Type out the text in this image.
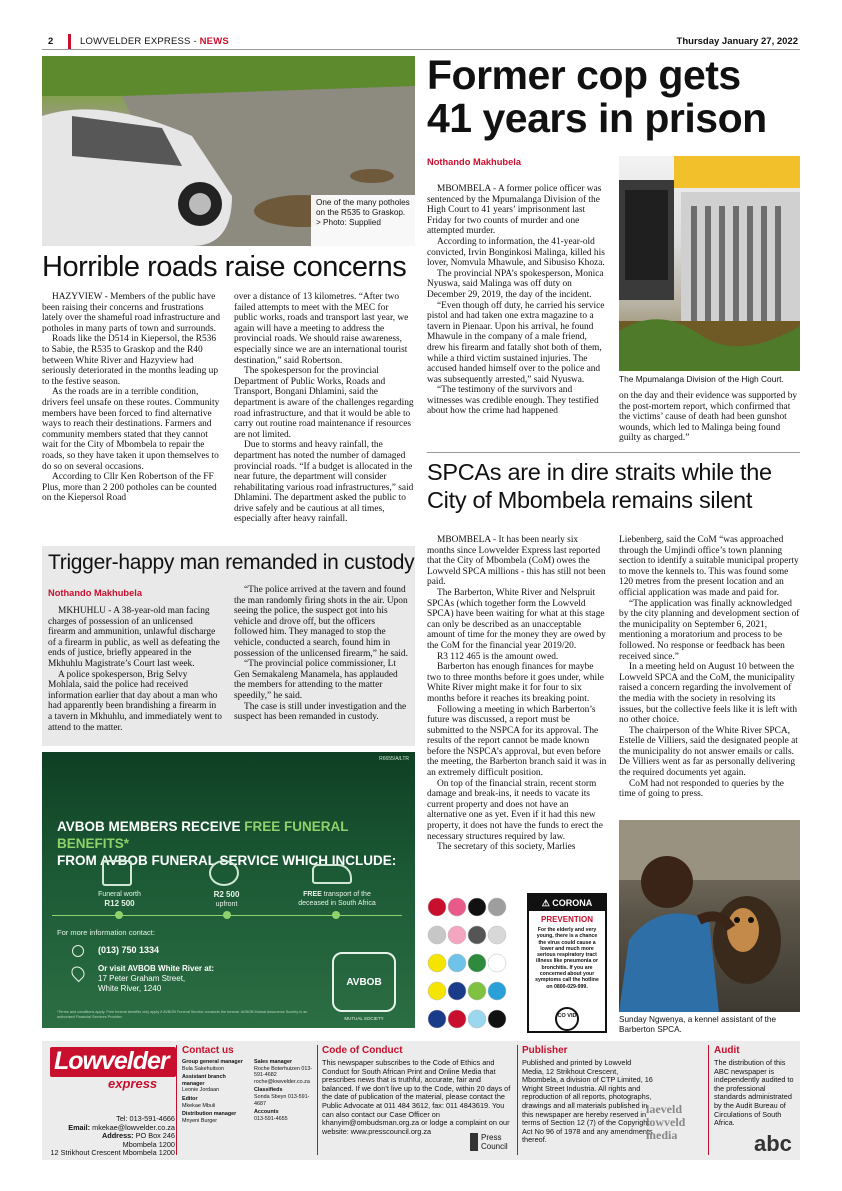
2	LOWVELDER EXPRESS - NEWS	Thursday January 27, 2022
One of the many potholes on the R535 to Graskop. > Photo: Supplied
Horrible roads raise concerns

HAZYVIEW - Members of the public have been raising their concerns and frustrations lately over the shameful road infrastructure and potholes in many parts of town and surrounds.

Roads like the D514 in Kiepersol, the R536 to Sabie, the R535 to Graskop and the R40 between White River and Hazyview had seriously deteriorated in the months leading up to the festive season.

As the roads are in a terrible condition, drivers feel unsafe on these routes. Community members have been forced to find alternative ways to reach their destinations. Farmers and community members stated that they cannot wait for the City of Mbombela to repair the roads, so they have taken it upon themselves to do so on several occasions.

According to Cllr Ken Robertson of the FF Plus, more than 2 200 potholes can be counted on the Kiepersol Road

over a distance of 13 kilometres. “After two failed attempts to meet with the MEC for public works, roads and transport last year, we again will have a meeting to address the provincial roads. We should raise awareness, especially since we are an international tourist destination,” said Robertson.

The spokesperson for the provincial Department of Public Works, Roads and Transport, Bongani Dhlamini, said the department is aware of the challenges regarding road infrastructure, and that it would be able to carry out routine road maintenance if resources are not limited.

Due to storms and heavy rainfall, the department has noted the number of damaged provincial roads. “If a budget is allocated in the near future, the department will consider rehabilitating various road infrastructures,” said Dhlamini. The department asked the public to drive safely and be cautious at all times, especially after heavy rainfall.

Former cop gets
41 years in prison
Nothando Makhubela

MBOMBELA - A former police officer was sentenced by the Mpumalanga Division of the High Court to 41 years’ imprisonment last Friday for two counts of murder and one attempted murder.

According to information, the 41-year-old convicted, Irvin Bonginkosi Malinga, killed his lover, Nomvula Mhawule, and Sibusiso Khoza.

The provincial NPA’s spokesperson, Monica Nyuswa, said Malinga was off duty on December 29, 2019, the day of the incident.

“Even though off duty, he carried his service pistol and had taken one extra magazine to a tavern in Pienaar. Upon his arrival, he found Mhawule in the company of a male friend, drew his firearm and fatally shot both of them, while a third victim sustained injuries. The accused handed himself over to the police and was subsequently arrested,” said Nyuswa.

“The testimony of the survivors and witnesses was credible enough. They testified about how the crime had happened

The Mpumalanga Division of the High Court.

on the day and their evidence was supported by the post-mortem report, which confirmed that the victims’ cause of death had been gunshot wounds, which led to Malinga being found guilty as charged.”

SPCAs are in dire straits while the
City of Mbombela remains silent

MBOMBELA - It has been nearly six months since Lowvelder Express last reported that the City of Mbombela (CoM) owes the Lowveld SPCA millions - this has still not been paid.

The Barberton, White River and Nelspruit SPCAs (which together form the Lowveld SPCA) have been waiting for what at this stage can only be described as an unacceptable amount of time for the money they are owed by the CoM for the financial year 2019/20.

R3 112 465 is the amount owed.

Barberton has enough finances for maybe two to three months before it goes under, while White River might make it for four to six months before it reaches its breaking point.

Following a meeting in which Barberton’s future was discussed, a report must be submitted to the NSPCA for its approval. The results of the report cannot be made known before the NSPCA’s approval, but even before the meeting, the Barberton branch said it was in an extremely difficult position.

On top of the financial strain, recent storm damage and break-ins, it needs to vacate its current property and does not have an alternative one as yet. Even if it had this new property, it does not have the funds to erect the necessary structures required by law.

The secretary of this society, Marlies

Liebenberg, said the CoM “was approached through the Umjindi office’s town planning section to identify a suitable municipal property to move the kennels to. This was found some 120 metres from the present location and an official application was made and paid for.

“The application was finally acknowledged by the city planning and development section of the municipality on September 6, 2021, mentioning a moratorium and process to be followed. No response or feedback has been received since.”

In a meeting held on August 10 between the Lowveld SPCA and the CoM, the municipality raised a concern regarding the involvement of the media with the society in resolving its issues, but the collective feels like it is left with no other choice.

The chairperson of the White River SPCA, Estelle de Villiers, said the designated people at the municipality do not answer emails or calls. De Villiers went as far as personally delivering the required documents yet again.

CoM had not responded to queries by the time of going to press.

Sunday Ngwenya, a kennel assistant of the Barberton SPCA.
Trigger-happy man remanded in custody
Nothando Makhubela

MKHUHLU - A 38-year-old man facing charges of possession of an unlicensed firearm and ammunition, unlawful discharge of a firearm in public, as well as defeating the ends of justice, briefly appeared in the Mkhuhlu Magistrate’s Court last week.

A police spokesperson, Brig Selvy Mohlala, said the police had received information earlier that day about a man who had apparently been brandishing a firearm in a tavern in Mkhuhlu, and immediately went to attend to the matter.

“The police arrived at the tavern and found the man randomly firing shots in the air. Upon seeing the police, the suspect got into his vehicle and drove off, but the officers followed him. They managed to stop the vehicle, conducted a search, found him in possession of the unlicensed firearm,” he said.

“The provincial police commissioner, Lt Gen Semakaleng Manamela, has applauded the members for attending to the matter speedily,” he said.

The case is still under investigation and the suspect has been remanded in custody.

R6655/A/LTR
AVBOB MEMBERS RECEIVE FREE FUNERAL BENEFITS*
FROM AVBOB FUNERAL SERVICE WHICH INCLUDE:
Funeral worth
R12 500
R2 500
upfront
FREE transport of the deceased in South Africa
For more information contact:
(013) 750 1334
Or visit AVBOB White River at:
17 Peter Graham Street,
White River, 1240
AVBOB
MUTUAL SOCIETY
*Terms and conditions apply. Free funeral benefits only apply if AVBOB Funeral Service conducts the funeral. AVBOB Mutual Assurance Society is an authorised Financial Services Provider.
⚠ CORONA
PREVENTION
For the elderly and very young, there is a chance the virus could cause a lower and much more serious respiratory tract illness like pneumonia or bronchitis. If you are concerned about your symptoms call the hotline on 0800-029-999.
CO VID
Lowvelder
express
Tel: 013-591-4666
Email: mkekae@lowvelder.co.za
Address: PO Box 246
Mbombela 1200
12 Strikhout Crescent Mbombela 1200
Contact us
Group general manager
Bula Sakehuitson
Assistant branch manager
Leonie Jordaan
Editor
Mkekae Mbuli
Distribution manager
Mnyeni Burger
Sales manager
Roche Boterhuizen 013-591-4682 roche@lowvelder.co.za
Classifieds
Sonda Sbeyn 013-591-4687
Accounts
013-591-4655
Code of Conduct
This newspaper subscribes to the Code of Ethics and Conduct for South African Print and Online Media that prescribes news that is truthful, accurate, fair and balanced. If we don’t live up to the Code, within 20 days of the date of publication of the material, please contact the Public Advocate at 011 484 3612, fax: 011 4843619. You can also contact our Case Officer on khanyim@ombudsman.org.za or lodge a complaint on our website: www.presscouncil.org.za
Press Council
Publisher
Published and printed by Lowveld Media, 12 Strikhout Crescent, Mbombela, a division of CTP Limited, 16 Wright Street Industria. All rights and reproduction of all reports, photographs, drawings and all materials published in this newspaper are hereby reserved in terms of Section 12 (7) of the Copyright Act No 96 of 1978 and any amendments thereof.
laeveld lowveld media
Audit
The distribution of this ABC newspaper is independently audited to the professional standards administrated by the Audit Bureau of Circulations of South Africa.
abc
